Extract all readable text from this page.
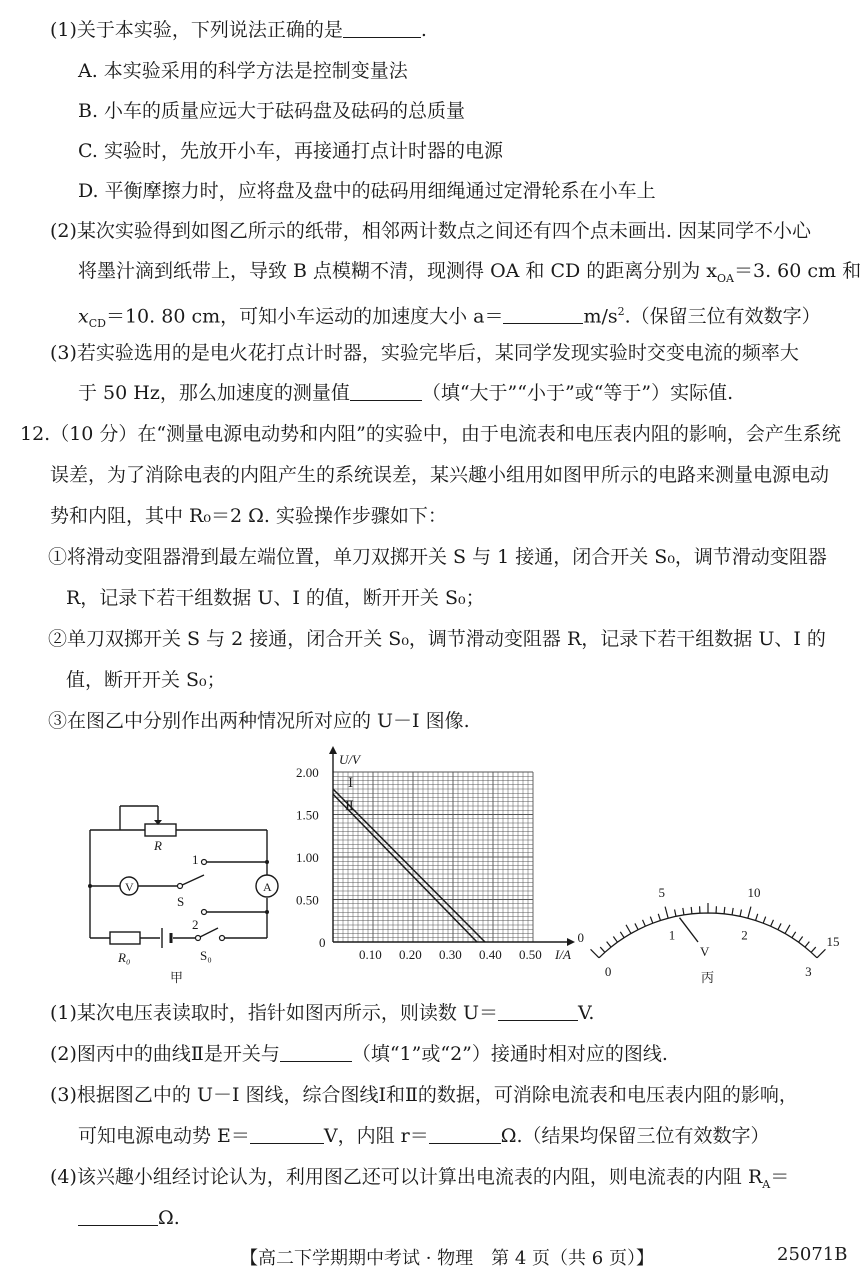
(1)关于本实验，下列说法正确的是	.
A. 本实验采用的科学方法是控制变量法
B. 小车的质量应远大于砝码盘及砝码的总质量
C. 实验时，先放开小车，再接通打点计时器的电源
D. 平衡摩擦力时，应将盘及盘中的砝码用细绳通过定滑轮系在小车上
(2)某次实验得到如图乙所示的纸带，相邻两计数点之间还有四个点未画出. 因某同学不小心
将墨汁滴到纸带上，导致 B 点模糊不清，现测得 OA 和 CD 的距离分别为 $x_{OA}=3$. 60 cm 和
$x_{CD}=10$. 80 cm，可知小车运动的加速度大小 a＝	$m/s^2$.（保留三位有效数字）
(3)若实验选用的是电火花打点计时器，实验完毕后，某同学发现实验时交变电流的频率大
于 50 Hz，那么加速度的测量值	（填“大于”“小于”或“等于”）实际值.
12.（10 分）在“测量电源电动势和内阻”的实验中，由于电流表和电压表内阻的影响，会产生系统
误差，为了消除电表的内阻产生的系统误差，某兴趣小组用如图甲所示的电路来测量电源电动
势和内阻，其中 R₀＝2 Ω. 实验操作步骤如下：
①将滑动变阻器滑到最左端位置，单刀双掷开关 S 与 1 接通，闭合开关 S₀，调节滑动变阻器
R，记录下若干组数据 U、I 的值，断开开关 S₀；
②单刀双掷开关 S 与 2 接通，闭合开关 S₀，调节滑动变阻器 R，记录下若干组数据 U、I 的
值，断开开关 S₀；
③在图乙中分别作出两种情况所对应的 U－I 图像.
R
V	A
1
2
S
R₀	S₀
甲
0.10 0.20 0.30 0.40 0.50
0
0.50
1.00
1.50
2.00
U/V
I/A
Ⅰ
Ⅱ
0
5	10
15
0
1	2
3
V
丙
(1)某次电压表读取时，指针如图丙所示，则读数 U＝	V.
(2)图丙中的曲线Ⅱ是开关与	（填“1”或“2”）接通时相对应的图线.
(3)根据图乙中的 U－I 图线，综合图线Ⅰ和Ⅱ的数据，可消除电流表和电压表内阻的影响，
可知电源电动势 E＝	V，内阻 r＝	Ω.（结果均保留三位有效数字）
(4)该兴趣小组经讨论认为，利用图乙还可以计算出电流表的内阻，则电流表的内阻 $R_A=$
Ω.
【高二下学期期中考试 · 物理　第 4 页（共 6 页）】	25071B
